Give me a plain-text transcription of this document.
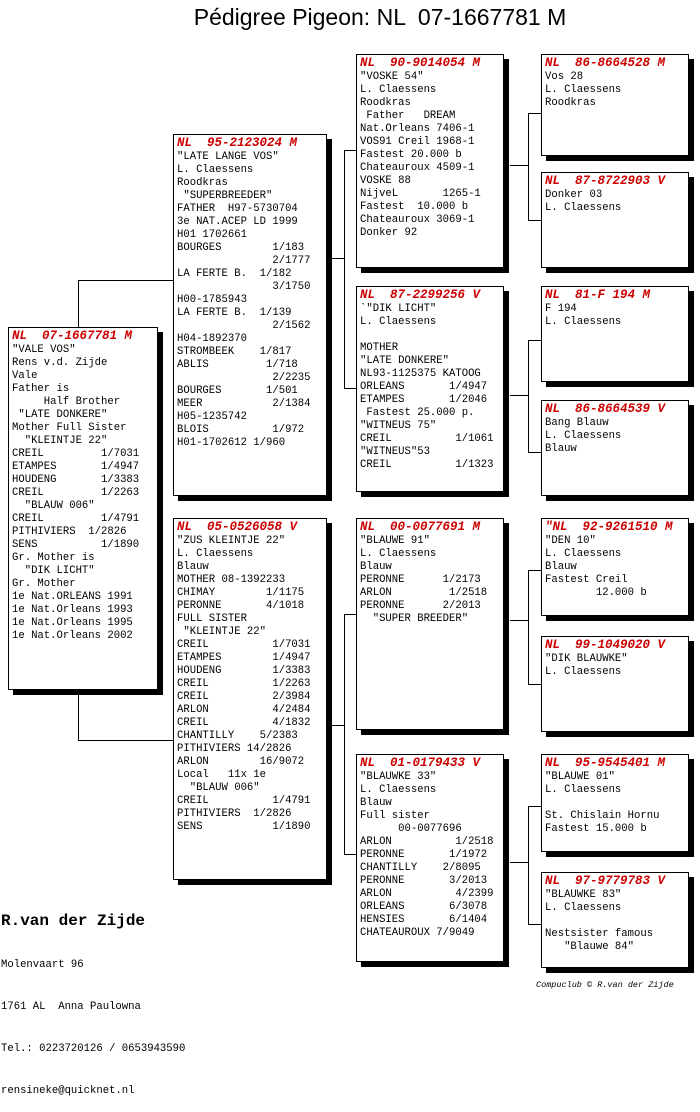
Pédigree Pigeon: NL  07-1667781 M
NL  07-1667781 M
"VALE VOS"
Rens v.d. Zijde
Vale
Father is
Half Brother
"LATE DONKERE"
Mother Full Sister
"KLEINTJE 22"
CREIL         1/7031
ETAMPES       1/4947
HOUDENG       1/3383
CREIL         1/2263
"BLAUW 006"
CREIL         1/4791
PITHIVIERS  1/2826
SENS          1/1890
Gr. Mother is
"DIK LICHT"
Gr. Mother
1e Nat.ORLEANS 1991
1e Nat.Orleans 1993
1e Nat.Orleans 1995
1e Nat.Orleans 2002
NL  95-2123024 M
"LATE LANGE VOS"
L. Claessens
Roodkras
"SUPERBREEDER"
FATHER  H97-5730704
3e NAT.ACEP LD 1999
H01 1702661
BOURGES        1/183
2/1777
LA FERTE B.  1/182
3/1750
H00-1785943
LA FERTE B.  1/139
2/1562
H04-1892370
STROMBEEK    1/817
ABLIS         1/718
2/2235
BOURGES       1/501
MEER           2/1384
H05-1235742
BLOIS          1/972
H01-1702612 1/960
NL  05-0526058 V
"ZUS KLEINTJE 22"
L. Claessens
Blauw
MOTHER 08-1392233
CHIMAY        1/1175
PERONNE       4/1018
FULL SISTER
"KLEINTJE 22"
CREIL          1/7031
ETAMPES        1/4947
HOUDENG        1/3383
CREIL          1/2263
CREIL          2/3984
ARLON          4/2484
CREIL          4/1832
CHANTILLY    5/2383
PITHIVIERS 14/2826
ARLON        16/9072
Local   11x 1e
"BLAUW 006"
CREIL          1/4791
PITHIVIERS  1/2826
SENS           1/1890
NL  90-9014054 M
"VOSKE 54"
L. Claessens
Roodkras
Father   DREAM
Nat.Orleans 7406-1
VOS91 Creil 1968-1
Fastest 20.000 b
Chateauroux 4509-1
VOSKE 88
NijveL       1265-1
Fastest  10.000 b
Chateauroux 3069-1
Donker 92
NL  87-2299256 V
`"DIK LICHT"
L. Claessens
MOTHER
"LATE DONKERE"
NL93-1125375 KATOOG
ORLEANS       1/4947
ETAMPES       1/2046
Fastest 25.000 p.
"WITNEUS 75"
CREIL          1/1061
"WITNEUS"53
CREIL          1/1323
NL  00-0077691 M
"BLAUWE 91"
L. Claessens
Blauw
PERONNE      1/2173
ARLON         1/2518
PERONNE      2/2013
"SUPER BREEDER"
NL  01-0179433 V
"BLAUWKE 33"
L. Claessens
Blauw
Full sister
00-0077696
ARLON          1/2518
PERONNE       1/1972
CHANTILLY    2/8095
PERONNE       3/2013
ARLON          4/2399
ORLEANS       6/3078
HENSIES       6/1404
CHATEAUROUX 7/9049
NL  86-8664528 M
Vos 28
L. Claessens
Roodkras
NL  87-8722903 V
Donker 03
L. Claessens
NL  81-F 194 M
F 194
L. Claessens
NL  86-8664539 V
Bang Blauw
L. Claessens
Blauw
"NL  92-9261510 M
"DEN 10"
L. Claessens
Blauw
Fastest Creil
12.000 b
NL  99-1049020 V
"DIK BLAUWKE"
L. Claessens
NL  95-9545401 M
"BLAUWE 01"
L. Claessens
St. Chislain Hornu
Fastest 15.000 b
NL  97-9779783 V
"BLAUWKE 83"
L. Claessens
Nestsister famous
"Blauwe 84"

R.van der Zijde

Molenvaart 96

1761 AL  Anna Paulowna

Tel.: 0223720126 / 0653943590

rensineke@quicknet.nl

Compuclub © R.van der Zijde
